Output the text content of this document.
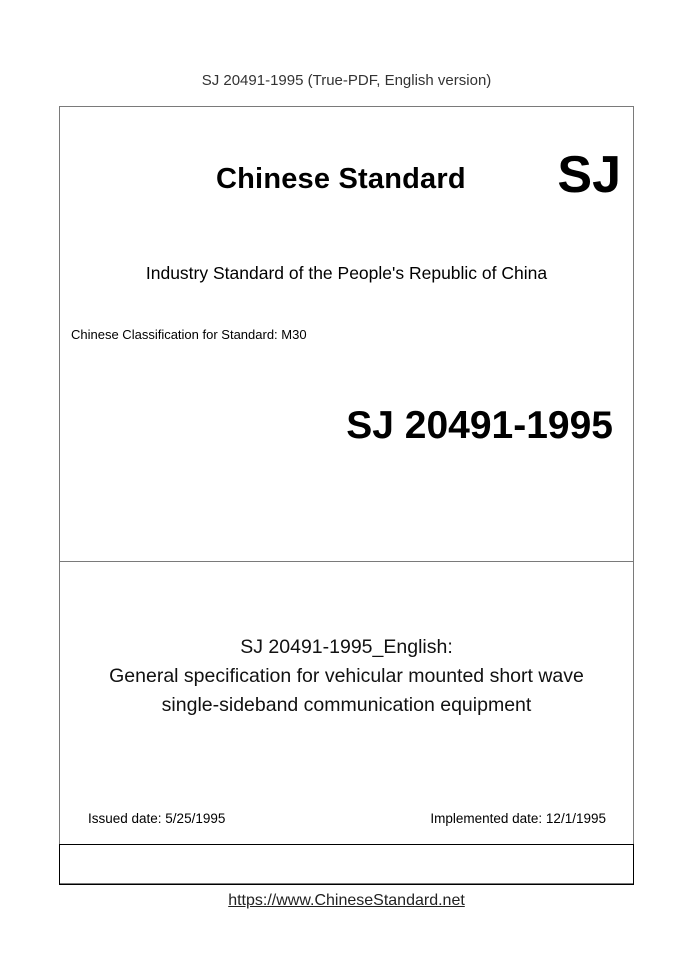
SJ 20491-1995 (True-PDF, English version)
Chinese Standard SJ
Industry Standard of the People's Republic of China
Chinese Classification for Standard: M30
SJ 20491-1995
SJ 20491-1995_English:
General specification for vehicular mounted short wave
single-sideband communication equipment
Issued date: 5/25/1995	Implemented date: 12/1/1995
https://www.ChineseStandard.net
